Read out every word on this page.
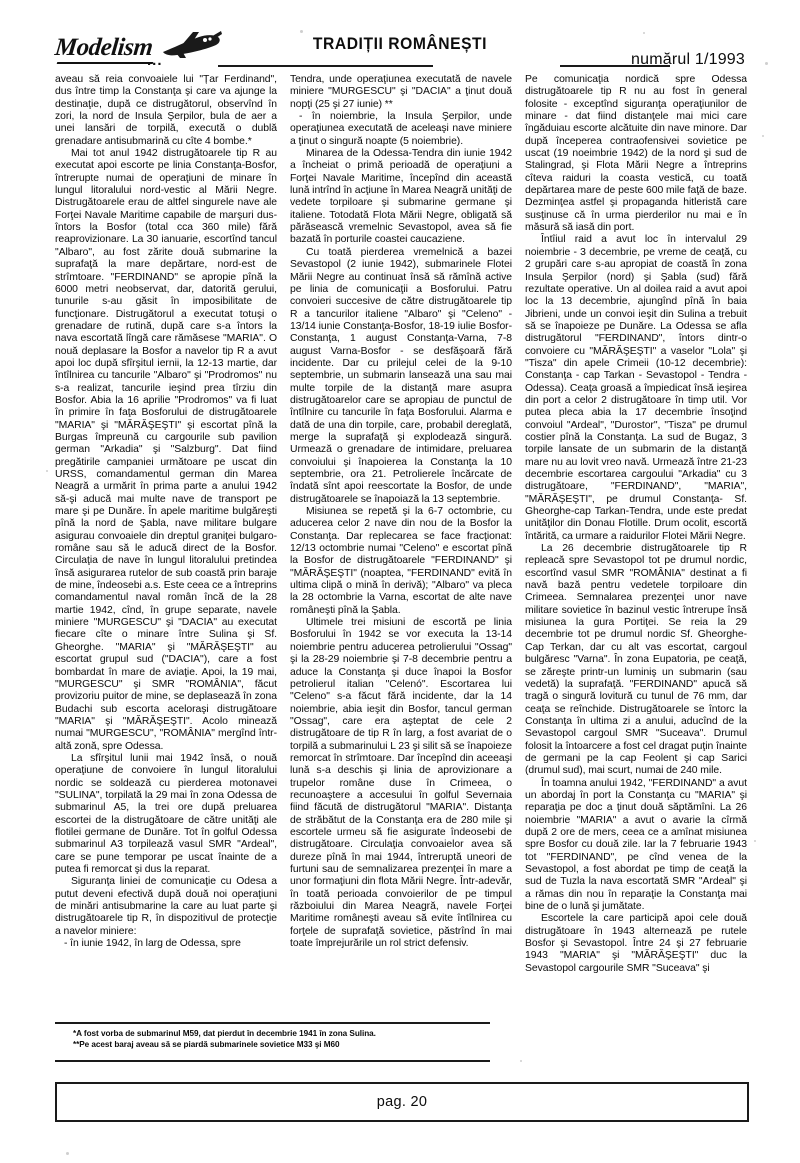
Modelism
...
TRADIȚII ROMÂNEȘTI
numărul 1/1993

aveau să reia convoaiele lui "Țar Ferdinand", dus între timp la Constanţa şi care va ajunge la destinaţie, după ce distrugătorul, observînd în zori, la nord de Insula Şerpilor, bula de aer a unei lansări de torpilă, execută o dublă grenadare antisubmarină cu cîte 4 bombe.*

Mai tot anul 1942 distrugătoarele tip R au executat apoi escorte pe linia Constanţa-Bosfor, întrerupte numai de operaţiuni de minare în lungul litoralului nord-vestic al Mării Negre. Distrugătoarele erau de altfel singurele nave ale Forţei Navale Maritime capabile de marşuri dus-întors la Bosfor (total cca 360 mile) fără reaprovizionare. La 30 ianuarie, escortînd tancul "Albaro", au fost zărite două submarine la suprafaţă la mare depărtare, nord-est de strîmtoare. "FERDINAND" se apropie pînă la 6000 metri neobservat, dar, datorită gerului, tunurile s-au găsit în imposibilitate de funcţionare. Distrugătorul a executat totuşi o grenadare de rutină, după care s-a întors la nava escortată lîngă care rămăsese "MARIA". O nouă deplasare la Bosfor a navelor tip R a avut apoi loc după sfîrşitul iernii, la 12-13 martie, dar întîlnirea cu tancurile "Albaro" şi "Prodromos" nu s-a realizat, tancurile ieşind prea tîrziu din Bosfor. Abia la 16 aprilie "Prodromos" va fi luat în primire în faţa Bosforului de distrugătoarele "MARIA" şi "MĂRĂŞEŞTI" şi escortat pînă la Burgas împreună cu cargourile sub pavilion german "Arkadia" şi "Salzburg". Dat fiind pregătirile campaniei următoare pe uscat din URSS, comandamentul german din Marea Neagră a urmărit în prima parte a anului 1942 să-şi aducă mai multe nave de transport pe mare şi pe Dunăre. În apele maritime bulgăreşti pînă la nord de Şabla, nave militare bulgare asigurau convoaiele din dreptul graniţei bulgaro-române sau să le aducă direct de la Bosfor. Circulaţia de nave în lungul litoralului pretindea însă asigurarea rutelor de sub coastă prin baraje de mine, îndeosebi a.s. Este ceea ce a întreprins comandamentul naval român încă de la 28 martie 1942, cînd, în grupe separate, navele miniere "MURGESCU" şi "DACIA" au executat fiecare cîte o minare între Sulina şi Sf. Gheorghe. "MARIA" şi "MĂRĂŞEŞTI" au escortat grupul sud ("DACIA"), care a fost bombardat în mare de aviaţie. Apoi, la 19 mai, "MURGESCU" şi SMR "ROMÂNIA", făcut provizoriu puitor de mine, se deplasează în zona Budachi sub escorta aceloraşi distrugătoare "MARIA" şi "MĂRĂŞEŞTI". Acolo minează numai "MURGESCU", "ROMÂNIA" mergînd într-altă zonă, spre Odessa.

La sfîrşitul lunii mai 1942 însă, o nouă operaţiune de convoiere în lungul litoralului nordic se soldează cu pierderea motonavei "SULINA", torpilată la 29 mai în zona Odessa de submarinul A5, la trei ore după preluarea escortei de la distrugătoare de către unităţi ale flotilei germane de Dunăre. Tot în golful Odessa submarinul A3 torpilează vasul SMR "Ardeal", care se pune temporar pe uscat înainte de a putea fi remorcat şi dus la reparat.

Siguranţa liniei de comunicaţie cu Odesa a putut deveni efectivă după două noi operaţiuni de minări antisubmarine la care au luat parte şi distrugătoarele tip R, în dispozitivul de protecţie a navelor miniere:

- în iunie 1942, în larg de Odessa, spre

Tendra, unde operaţiunea executată de navele miniere "MURGESCU" şi "DACIA" a ţinut două nopţi (25 şi 27 iunie) **

- în noiembrie, la Insula Şerpilor, unde operaţiunea executată de aceleaşi nave miniere a ţinut o singură noapte (5 noiembrie).

Minarea de la Odessa-Tendra din iunie 1942 a încheiat o primă perioadă de operaţiuni a Forţei Navale Maritime, începînd din această lună intrînd în acţiune în Marea Neagră unităţi de vedete torpiloare şi submarine germane şi italiene. Totodată Flota Mării Negre, obligată să părăsească vremelnic Sevastopol, avea să fie bazată în porturile coastei caucaziene.

Cu toată pierderea vremelnică a bazei Sevastopol (2 iunie 1942), submarinele Flotei Mării Negre au continuat însă să rămînă active pe linia de comunicaţii a Bosforului. Patru convoieri succesive de către distrugătoarele tip R a tancurilor italiene "Albaro" şi "Celeno" - 13/14 iunie Constanţa-Bosfor, 18-19 iulie Bosfor-Constanţa, 1 august Constanţa-Varna, 7-8 august Varna-Bosfor - se desfăşoară fără incidente. Dar cu prilejul celei de la 9-10 septembrie, un submarin lansează una sau mai multe torpile de la distanţă mare asupra distrugătoarelor care se apropiau de punctul de întîlnire cu tancurile în faţa Bosforului. Alarma e dată de una din torpile, care, probabil dereglată, merge la suprafaţă şi explodează singură. Urmează o grenadare de intimidare, preluarea convoiului şi înapoierea la Constanţa la 10 septembrie, ora 21. Petrolierele încărcate de îndată sînt apoi reescortate la Bosfor, de unde distrugătoarele se înapoiază la 13 septembrie.

Misiunea se repetă şi la 6-7 octombrie, cu aducerea celor 2 nave din nou de la Bosfor la Constanţa. Dar replecarea se face fracţionat: 12/13 octombrie numai "Celeno" e escortat pînă la Bosfor de distrugătoarele "FERDINAND" şi "MĂRĂŞEŞTI" (noaptea, "FERDINAND" evită în ultima clipă o mină în derivă); "Albaro" va pleca la 28 octombrie la Varna, escortat de alte nave româneşti pînă la Şabla.

Ultimele trei misiuni de escortă pe linia Bosforului în 1942 se vor executa la 13-14 noiembrie pentru aducerea petrolierului "Ossag" şi la 28-29 noiembrie şi 7-8 decembrie pentru a aduce la Constanţa şi duce înapoi la Bosfor petrolierul italian "Celenó". Escortarea lui "Celeno" s-a făcut fără incidente, dar la 14 noiembrie, abia ieşit din Bosfor, tancul german "Ossag", care era aşteptat de cele 2 distrugătoare de tip R în larg, a fost avariat de o torpilă a submarinului L 23 şi silit să se înapoieze remorcat în strîmtoare. Dar începînd din aceeaşi lună s-a deschis şi linia de aprovizionare a trupelor române duse în Crimeea, o recunoaştere a accesului în golful Severnaia fiind făcută de distrugătorul "MARIA". Distanţa de străbătut de la Constanţa era de 280 mile şi escortele urmeu să fie asigurate îndeosebi de distrugătoare. Circulaţia convoaielor avea să dureze pînă în mai 1944, întreruptă uneori de furtuni sau de semnalizarea prezenţei în mare a unor formaţiuni din flota Mării Negre. Într-adevăr, în toată perioada convoierilor de pe timpul războiului din Marea Neagră, navele Forţei Maritime româneşti aveau să evite întîlnirea cu forţele de suprafaţă sovietice, păstrînd în mai toate împrejurările un rol strict defensiv.

Pe comunicaţia nordică spre Odessa distrugătoarele tip R nu au fost în general folosite - exceptînd siguranţa operaţiunilor de minare - dat fiind distanţele mai mici care îngăduiau escorte alcătuite din nave minore. Dar după începerea contraofensivei sovietice pe uscat (19 noeimbrie 1942) de la nord şi sud de Stalingrad, şi Flota Mării Negre a întreprins cîteva raiduri la coasta vestică, cu toată depărtarea mare de peste 600 mile faţă de baze. Dezminţea astfel şi propaganda hitleristă care susţinuse că în urma pierderilor nu mai e în măsură să iasă din port.

Întîiul raid a avut loc în intervalul 29 noiembrie - 3 decembrie, pe vreme de ceaţă, cu 2 grupări care s-au apropiat de coastă în zona Insula Şerpilor (nord) şi Şabla (sud) fără rezultate operative. Un al doilea raid a avut apoi loc la 13 decembrie, ajungînd pînă în baia Jibrieni, unde un convoi ieşit din Sulina a trebuit să se înapoieze pe Dunăre. La Odessa se afla distrugătorul "FERDINAND", întors dintr-o convoiere cu "MĂRĂŞEŞTI" a vaselor "Lola" şi "Tisza" din apele Crimeii (10-12 decembrie): Constanţa - cap Tarkan - Sevastopol - Tendra - Odessa). Ceaţa groasă a împiedicat însă ieşirea din port a celor 2 distrugătoare în timp util. Vor putea pleca abia la 17 decembrie însoţind convoiul "Ardeal", "Durostor", "Tisza" pe drumul costier pînă la Constanţa. La sud de Bugaz, 3 torpile lansate de un submarin de la distanţă mare nu au lovit vreo navă. Urmează între 21-23 decembrie escortarea cargoului "Arkadia" cu 3 distrugătoare, "FERDINAND", "MARIA", "MĂRĂŞEŞTI", pe drumul Constanţa- Sf. Gheorghe-cap Tarkan-Tendra, unde este predat unităţilor din Donau Flotille. Drum ocolit, escortă întărită, ca urmare a raidurilor Flotei Mării Negre.

La 26 decembrie distrugătoarele tip R repleacă spre Sevastopol tot pe drumul nordic, escortînd vasul SMR "ROMÂNIA" destinat a fi navă bază pentru vedetele torpiloare din Crimeea. Semnalarea prezenţei unor nave militare sovietice în bazinul vestic întrerupe însă misiunea la gura Portiţei. Se reia la 29 decembrie tot pe drumul nordic Sf. Gheorghe-Cap Terkan, dar cu alt vas escortat, cargoul bulgăresc "Varna". În zona Eupatoria, pe ceaţă, se zăreşte printr-un luminiş un submarin (sau vedetă) la suprafaţă. "FERDINAND" apucă să tragă o singură lovitură cu tunul de 76 mm, dar ceaţa se reînchide. Distrugătoarele se întorc la Constanţa în ultima zi a anului, aducînd de la Sevastopol cargoul SMR "Suceava". Drumul folosit la întoarcere a fost cel dragat puţin înainte de germani pe la cap Feolent şi cap Sarici (drumul sud), mai scurt, numai de 240 mile.

În toamna anului 1942, "FERDINAND" a avut un abordaj în port la Constanţa cu "MARIA" şi reparaţia pe doc a ţinut două săptămîni. La 26 noiembrie "MARIA" a avut o avarie la cîrmă după 2 ore de mers, ceea ce a amînat misiunea spre Bosfor cu două zile. Iar la 7 februarie 1943 tot "FERDINAND", pe cînd venea de la Sevastopol, a fost abordat pe timp de ceaţă la sud de Tuzla la nava escortată SMR "Ardeal" şi a rămas din nou în reparaţie la Constanţa mai bine de o lună şi jumătate.

Escortele la care participă apoi cele două distrugătoare în 1943 alternează pe rutele Bosfor şi Sevastopol. Între 24 şi 27 februarie 1943 "MARIA" şi "MĂRĂŞEŞTI" duc la Sevastopol cargourile SMR "Suceava" şi

*A fost vorba de submarinul M59, dat pierdut în decembrie 1941 în zona Sulina.

**Pe acest baraj aveau să se piardă submarinele sovietice M33 şi M60

pag. 20
